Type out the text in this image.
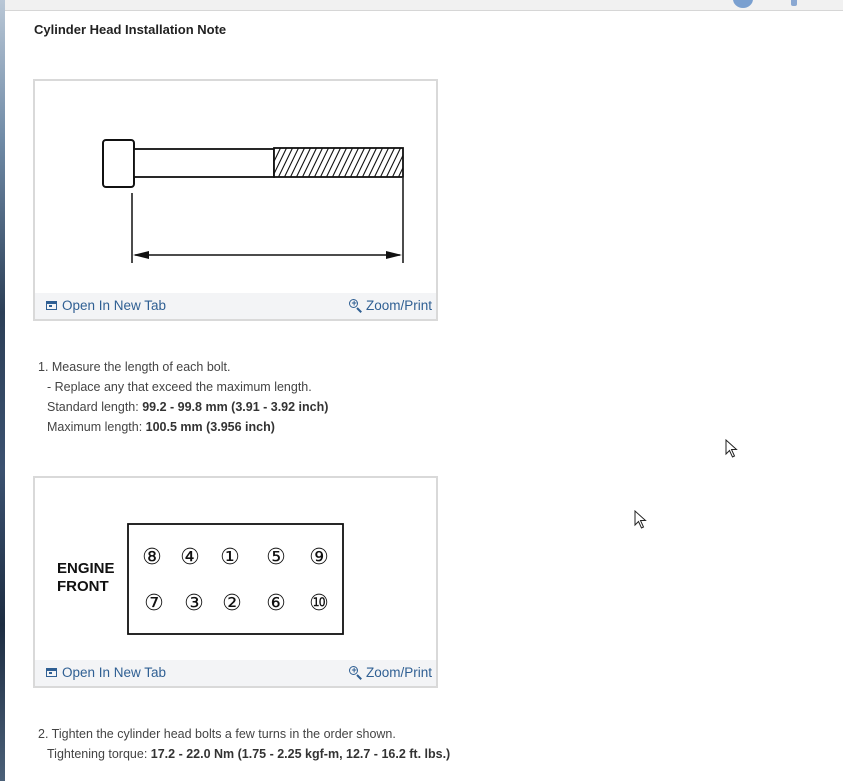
Cylinder Head Installation Note
Open In New Tab	+ Zoom/Print
1. Measure the length of each bolt.
- Replace any that exceed the maximum length.
Standard length: 99.2 - 99.8 mm (3.91 - 3.92 inch)
Maximum length: 100.5 mm (3.956 inch)
ENGINE
FRONT
⑧ ④ ① ⑤ ⑨
⑦ ③ ② ⑥ ⑩
Open In New Tab	+ Zoom/Print
2. Tighten the cylinder head bolts a few turns in the order shown.
Tightening torque: 17.2 - 22.0 Nm (1.75 - 2.25 kgf-m, 12.7 - 16.2 ft. lbs.)
